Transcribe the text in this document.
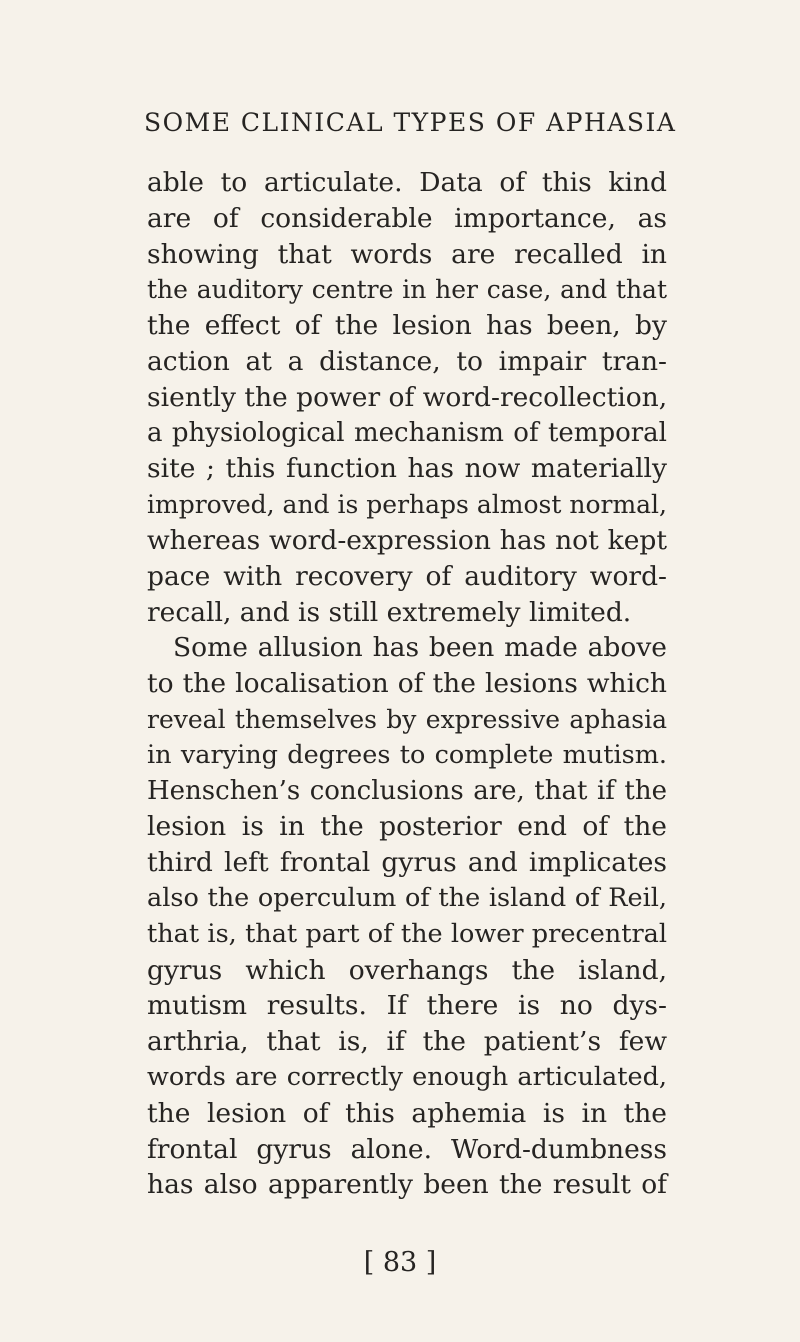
SOME CLINICAL TYPES OF APHASIA
able to articulate. Data of this kind
are of considerable importance, as
showing that words are recalled in
the auditory centre in her case, and that
the effect of the lesion has been, by
action at a distance, to impair tran-
siently the power of word-recollection,
a physiological mechanism of temporal
site ; this function has now materially
improved, and is perhaps almost normal,
whereas word-expression has not kept
pace with recovery of auditory word-
recall, and is still extremely limited.
Some allusion has been made above
to the localisation of the lesions which
reveal themselves by expressive aphasia
in varying degrees to complete mutism.
Henschen’s conclusions are, that if the
lesion is in the posterior end of the
third left frontal gyrus and implicates
also the operculum of the island of Reil,
that is, that part of the lower precentral
gyrus which overhangs the island,
mutism results. If there is no dys-
arthria, that is, if the patient’s few
words are correctly enough articulated,
the lesion of this aphemia is in the
frontal gyrus alone. Word-dumbness
has also apparently been the result of
[ 83 ]
